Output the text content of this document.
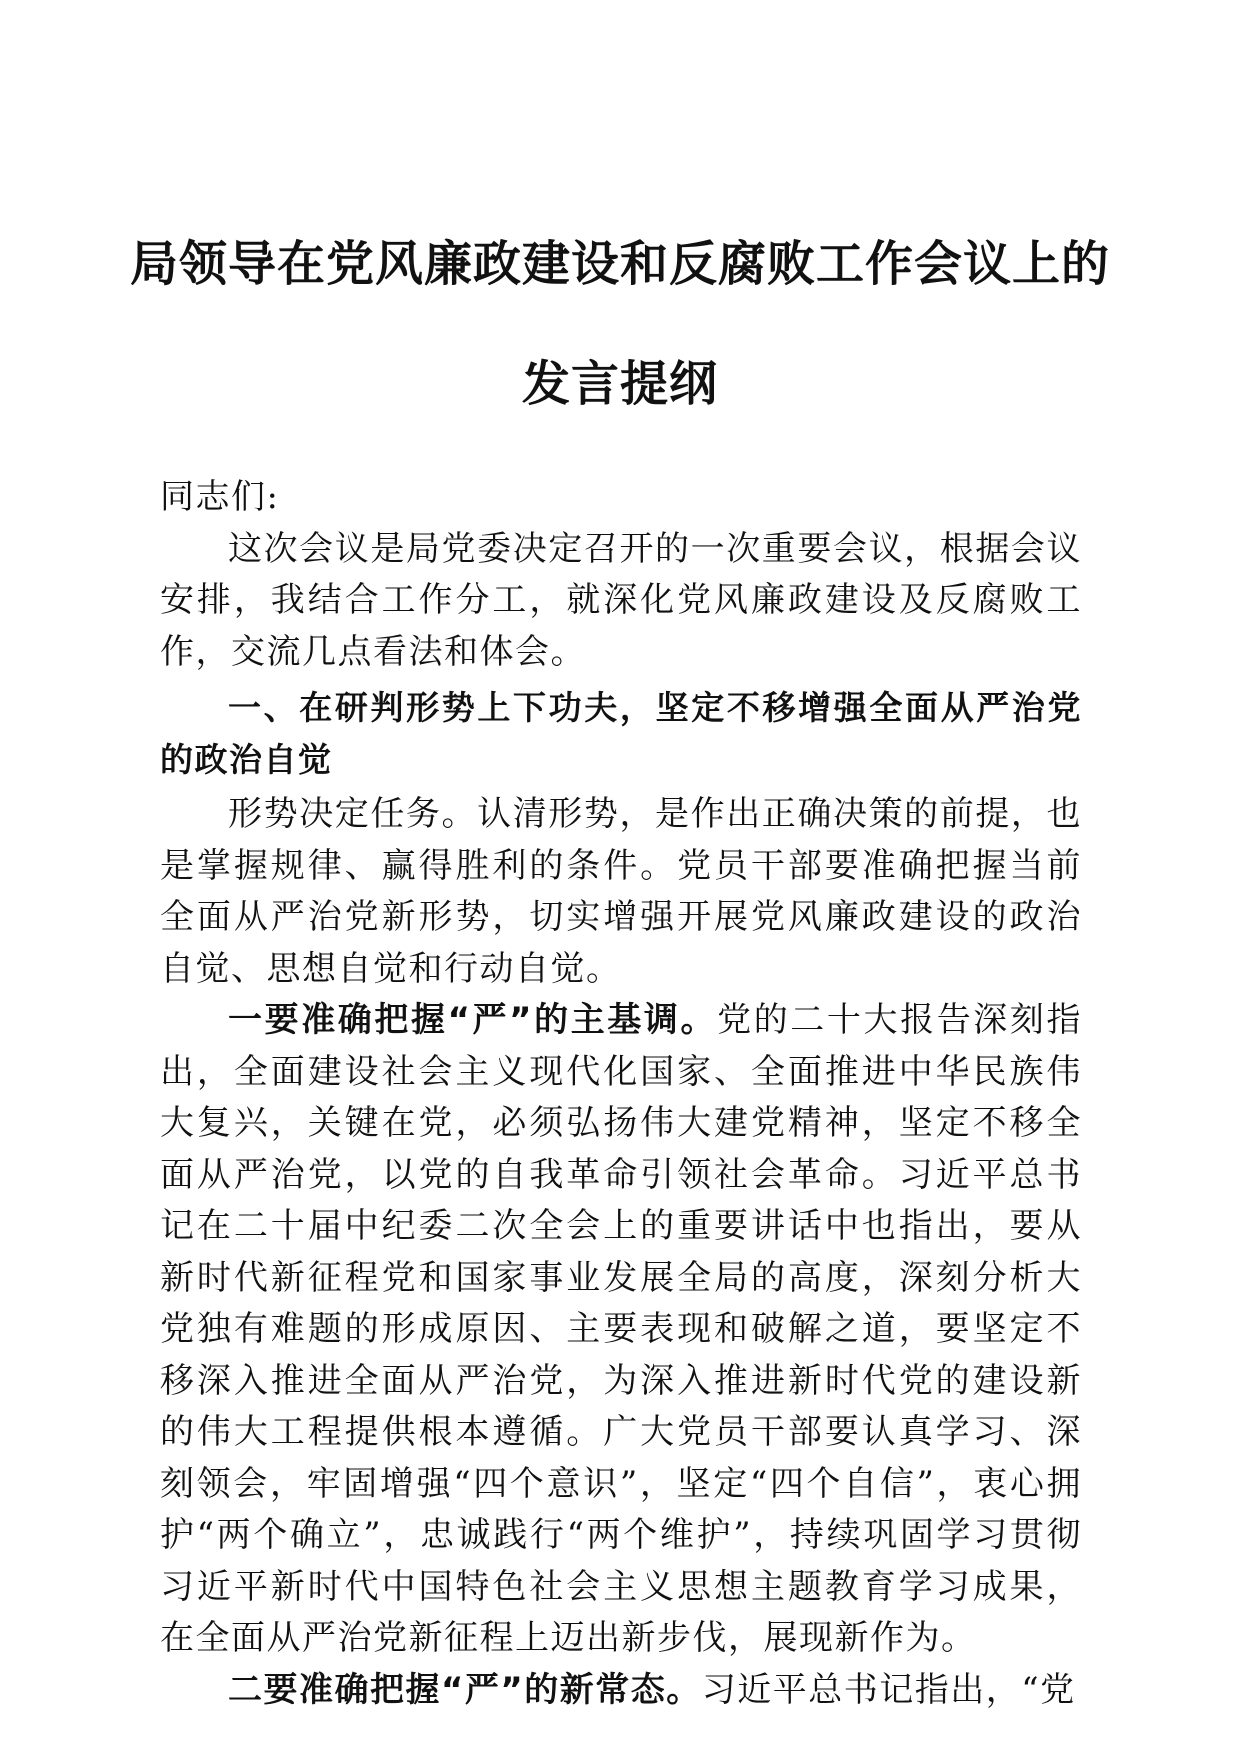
局领导在党风廉政建设和反腐败工作会议上的
发言提纲

同志们:

这次会议是局党委决定召开的一次重要会议，根据会议安排，我结合工作分工，就深化党风廉政建设及反腐败工作，交流几点看法和体会。

一、在研判形势上下功夫，坚定不移增强全面从严治党的政治自觉

形势决定任务。认清形势，是作出正确决策的前提，也是掌握规律、赢得胜利的条件。党员干部要准确把握当前全面从严治党新形势，切实增强开展党风廉政建设的政治自觉、思想自觉和行动自觉。

一要准确把握“严”的主基调。党的二十大报告深刻指出，全面建设社会主义现代化国家、全面推进中华民族伟大复兴，关键在党，必须弘扬伟大建党精神，坚定不移全面从严治党，以党的自我革命引领社会革命。习近平总书记在二十届中纪委二次全会上的重要讲话中也指出，要从新时代新征程党和国家事业发展全局的高度，深刻分析大党独有难题的形成原因、主要表现和破解之道，要坚定不移深入推进全面从严治党，为深入推进新时代党的建设新的伟大工程提供根本遵循。广大党员干部要认真学习、深刻领会，牢固增强“四个意识”，坚定“四个自信”，衷心拥护“两个确立”，忠诚践行“两个维护”，持续巩固学习贯彻习近平新时代中国特色社会主义思想主题教育学习成果，在全面从严治党新征程上迈出新步伐，展现新作为。

二要准确把握“严”的新常态。习近平总书记指出，“党
